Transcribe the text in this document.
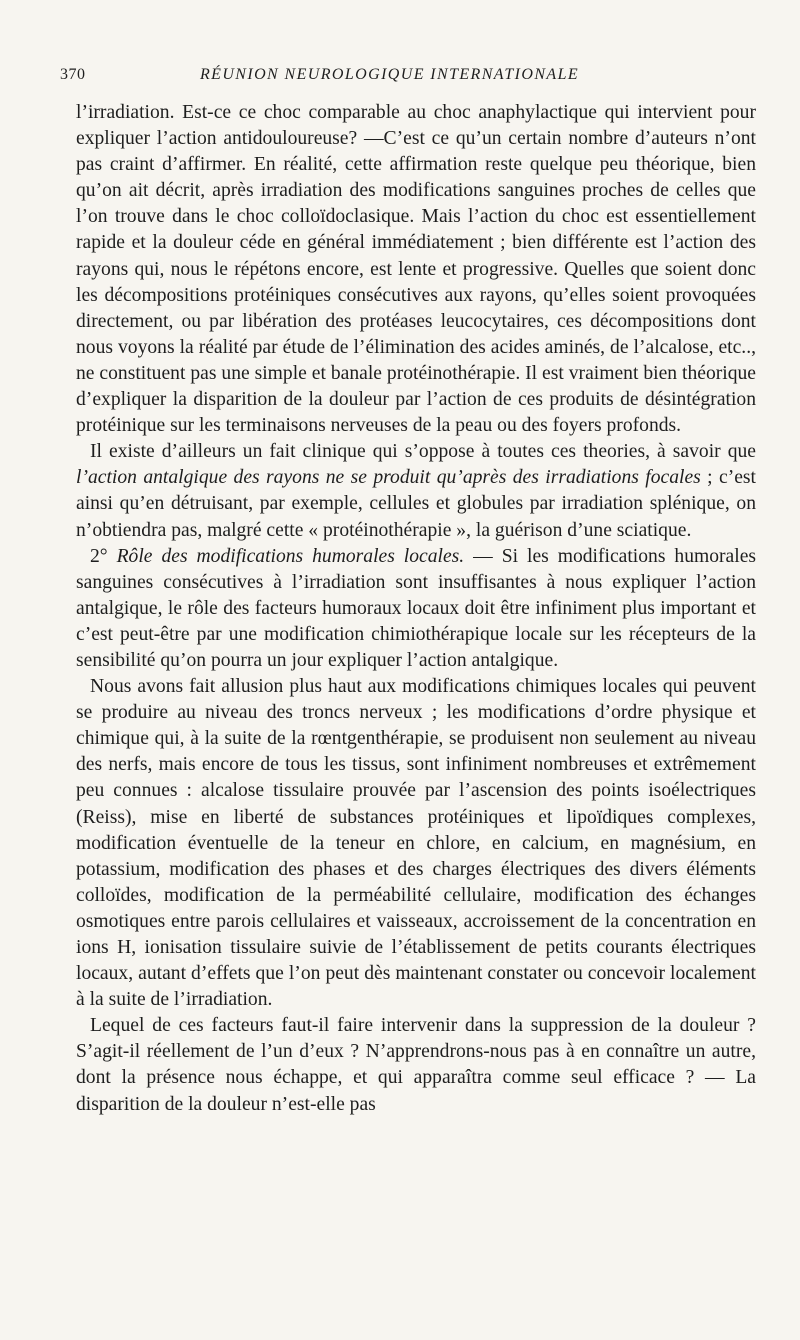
370	RÉUNION NEUROLOGIQUE INTERNATIONALE

l’irradiation. Est-ce ce choc comparable au choc anaphylactique qui intervient pour expliquer l’action antidouloureuse? —C’est ce qu’un certain nombre d’auteurs n’ont pas craint d’affirmer. En réalité, cette affirmation reste quelque peu théorique, bien qu’on ait décrit, après irradiation des modifications sanguines proches de celles que l’on trouve dans le choc colloïdoclasique. Mais l’action du choc est essentiellement rapide et la douleur céde en général immédiatement ; bien différente est l’action des rayons qui, nous le répétons encore, est lente et progressive. Quelles que soient donc les décompositions protéiniques consécutives aux rayons, qu’elles soient provoquées directement, ou par libération des protéases leucocytaires, ces décompositions dont nous voyons la réalité par étude de l’élimination des acides aminés, de l’alcalose, etc.., ne constituent pas une simple et banale protéinothérapie. Il est vraiment bien théorique d’expliquer la disparition de la douleur par l’action de ces produits de désintégration protéinique sur les terminaisons nerveuses de la peau ou des foyers profonds.

Il existe d’ailleurs un fait clinique qui s’oppose à toutes ces theories, à savoir que l’action antalgique des rayons ne se produit qu’après des irradiations focales ; c’est ainsi qu’en détruisant, par exemple, cellules et globules par irradiation splénique, on n’obtiendra pas, malgré cette « protéinothérapie », la guérison d’une sciatique.

2° Rôle des modifications humorales locales. — Si les modifications humorales sanguines consécutives à l’irradiation sont insuffisantes à nous expliquer l’action antalgique, le rôle des facteurs humoraux locaux doit être infiniment plus important et c’est peut-être par une modification chimiothérapique locale sur les récepteurs de la sensibilité qu’on pourra un jour expliquer l’action antalgique.

Nous avons fait allusion plus haut aux modifications chimiques locales qui peuvent se produire au niveau des troncs nerveux ; les modifications d’ordre physique et chimique qui, à la suite de la rœntgenthérapie, se produisent non seulement au niveau des nerfs, mais encore de tous les tissus, sont infiniment nombreuses et extrêmement peu connues : alcalose tissulaire prouvée par l’ascension des points isoélectriques (Reiss), mise en liberté de substances protéiniques et lipoïdiques complexes, modification éventuelle de la teneur en chlore, en calcium, en magnésium, en potassium, modification des phases et des charges électriques des divers éléments colloïdes, modification de la perméabilité cellulaire, modification des échanges osmotiques entre parois cellulaires et vaisseaux, accroissement de la concentration en ions H, ionisation tissulaire suivie de l’établissement de petits courants électriques locaux, autant d’effets que l’on peut dès maintenant constater ou concevoir localement à la suite de l’irradiation.

Lequel de ces facteurs faut-il faire intervenir dans la suppression de la douleur ? S’agit-il réellement de l’un d’eux ? N’apprendrons-nous pas à en connaître un autre, dont la présence nous échappe, et qui apparaîtra comme seul efficace ? — La disparition de la douleur n’est-elle pas
